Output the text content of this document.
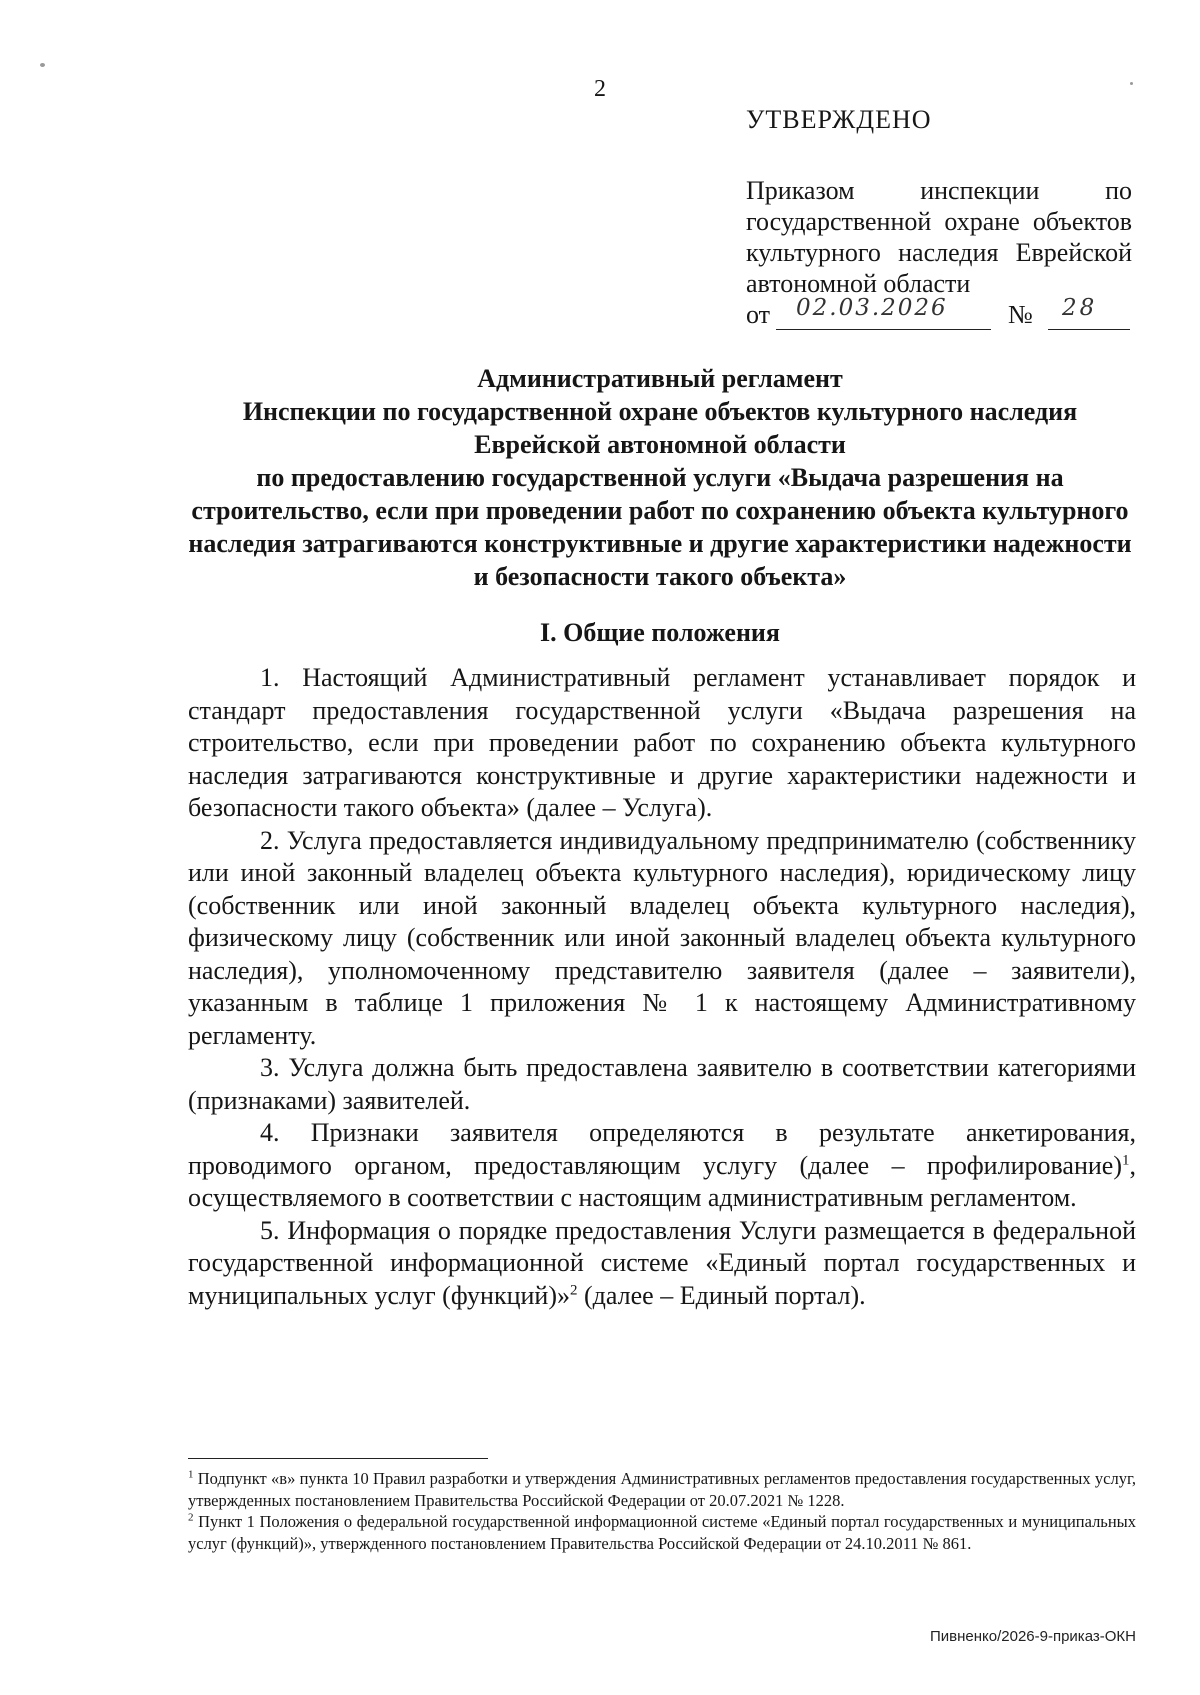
2
УТВЕРЖДЕНО
Приказом инспекции по государственной охране объектов культурного наследия Еврейской автономной области
от 02.03.2026 № 28
Административный регламент
Инспекции по государственной охране объектов культурного наследия
Еврейской автономной области
по предоставлению государственной услуги «Выдача разрешения на строительство, если при проведении работ по сохранению объекта культурного наследия затрагиваются конструктивные и другие характеристики надежности и безопасности такого объекта»
I. Общие положения

1. Настоящий Административный регламент устанавливает порядок и стандарт предоставления государственной услуги «Выдача разрешения на строительство, если при проведении работ по сохранению объекта культурного наследия затрагиваются конструктивные и другие характеристики надежности и безопасности такого объекта» (далее – Услуга).

2. Услуга предоставляется индивидуальному предпринимателю (собственнику или иной законный владелец объекта культурного наследия), юридическому лицу (собственник или иной законный владелец объекта культурного наследия), физическому лицу (собственник или иной законный владелец объекта культурного наследия), уполномоченному представителю заявителя (далее – заявители), указанным в таблице 1 приложения № 1 к настоящему Административному регламенту.

3. Услуга должна быть предоставлена заявителю в соответствии категориями (признаками) заявителей.

4. Признаки заявителя определяются в результате анкетирования, проводимого органом, предоставляющим услугу (далее – профилирование)$^1$, осуществляемого в соответствии с настоящим административным регламентом.

5. Информация о порядке предоставления Услуги размещается в федеральной государственной информационной системе «Единый портал государственных и муниципальных услуг (функций)»$^2$ (далее – Единый портал).

$^1$ Подпункт «в» пункта 10 Правил разработки и утверждения Административных регламентов предоставления государственных услуг, утвержденных постановлением Правительства Российской Федерации от 20.07.2021 № 1228.

$^2$ Пункт 1 Положения о федеральной государственной информационной системе «Единый портал государственных и муниципальных услуг (функций)», утвержденного постановлением Правительства Российской Федерации от 24.10.2011 № 861.

Пивненко/2026-9-приказ-ОКН
